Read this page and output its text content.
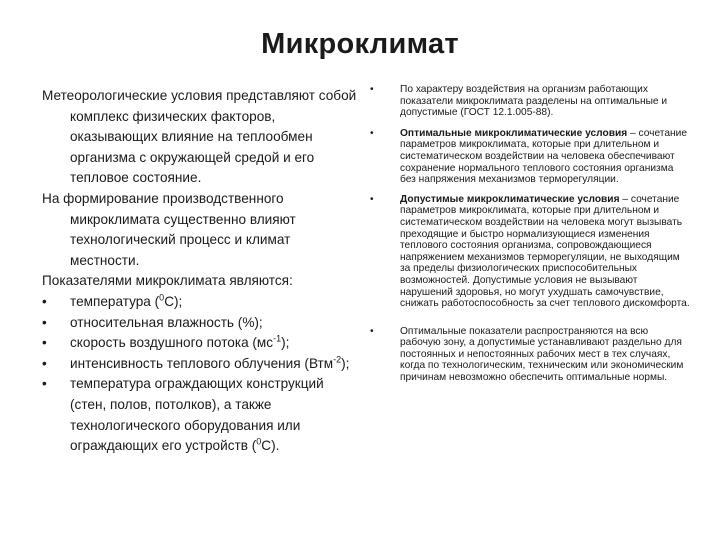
Микроклимат

Метеорологические условия представляют собой комплекс физических факторов, оказывающих влияние на теплообмен организма с окружающей средой и его тепловое состояние.

На формирование производственного микроклимата существенно влияют технологический процесс и климат местности.

Показателями микроклимата являются:

•	температура ($^0$С);
•	относительная влажность (%);
•	скорость воздушного потока $(мс^{-1})$;
•	интенсивность теплового облучения (Втм$^{-2}$);
•	температура ограждающих конструкций (стен, полов, потолков), а также технологического оборудования или ограждающих его устройств ($^0$С).
•	По характеру воздействия на организм работающих показатели микроклимата разделены на оптимальные и допустимые (ГОСТ 12.1.005-88).
•	Оптимальные микроклиматические условия – сочетание параметров микроклимата, которые при длительном и систематическом воздействии на человека обеспечивают сохранение нормального теплового состояния организма без напряжения механизмов терморегуляции.
•	Допустимые микроклиматические условия – сочетание параметров микроклимата, которые при длительном и систематическом воздействии на человека могут вызывать преходящие и быстро нормализующиеся изменения теплового состояния организма, сопровождающиеся напряжением механизмов терморегуляции, не выходящим за пределы физиологических приспособительных возможностей. Допустимые условия не вызывают нарушений здоровья, но могут ухудшать самочувствие, снижать работоспособность за счет теплового дискомфорта.
•	Оптимальные показатели распространяются на всю рабочую зону, а допустимые устанавливают раздельно для постоянных и непостоянных рабочих мест в тех случаях, когда по технологическим, техническим или экономическим причинам невозможно обеспечить оптимальные нормы.
